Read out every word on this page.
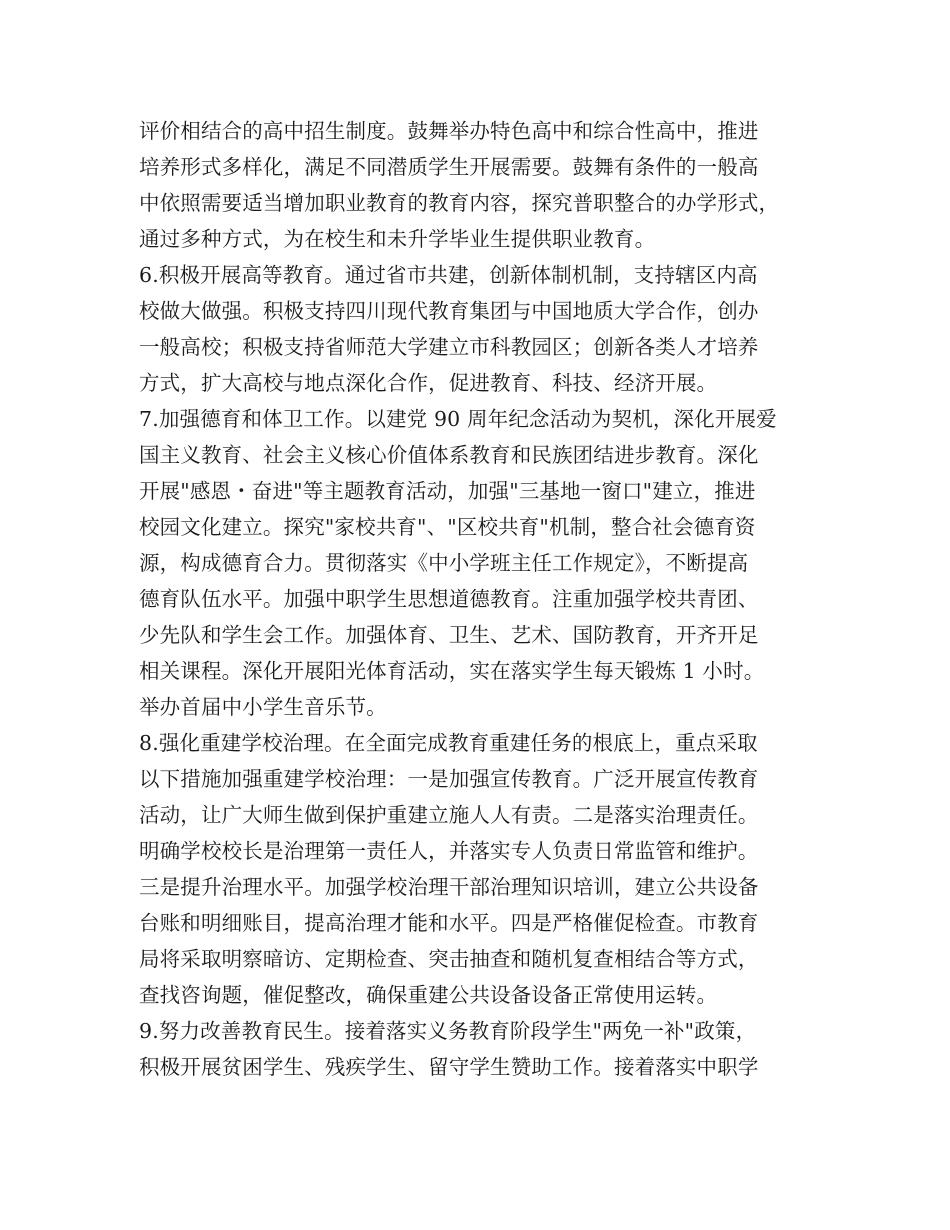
评价相结合的高中招生制度。鼓舞举办特色高中和综合性高中，推进
培养形式多样化，满足不同潜质学生开展需要。鼓舞有条件的一般高
中依照需要适当增加职业教育的教育内容，探究普职整合的办学形式，
通过多种方式，为在校生和未升学毕业生提供职业教育。
6.积极开展高等教育。通过省市共建，创新体制机制，支持辖区内高
校做大做强。积极支持四川现代教育集团与中国地质大学合作，创办
一般高校；积极支持省师范大学建立市科教园区；创新各类人才培养
方式，扩大高校与地点深化合作，促进教育、科技、经济开展。
7.加强德育和体卫工作。以建党 90 周年纪念活动为契机，深化开展爱
国主义教育、社会主义核心价值体系教育和民族团结进步教育。深化
开展"感恩・奋进"等主题教育活动，加强"三基地一窗口"建立，推进
校园文化建立。探究"家校共育"、"区校共育"机制，整合社会德育资
源，构成德育合力。贯彻落实《中小学班主任工作规定》，不断提高
德育队伍水平。加强中职学生思想道德教育。注重加强学校共青团、
少先队和学生会工作。加强体育、卫生、艺术、国防教育，开齐开足
相关课程。深化开展阳光体育活动，实在落实学生每天锻炼 1 小时。
举办首届中小学生音乐节。
8.强化重建学校治理。在全面完成教育重建任务的根底上，重点采取
以下措施加强重建学校治理：一是加强宣传教育。广泛开展宣传教育
活动，让广大师生做到保护重建立施人人有责。二是落实治理责任。
明确学校校长是治理第一责任人，并落实专人负责日常监管和维护。
三是提升治理水平。加强学校治理干部治理知识培训，建立公共设备
台账和明细账目，提高治理才能和水平。四是严格催促检查。市教育
局将采取明察暗访、定期检查、突击抽查和随机复查相结合等方式，
查找咨询题，催促整改，确保重建公共设备设备正常使用运转。
9.努力改善教育民生。接着落实义务教育阶段学生"两免一补"政策，
积极开展贫困学生、残疾学生、留守学生赞助工作。接着落实中职学
